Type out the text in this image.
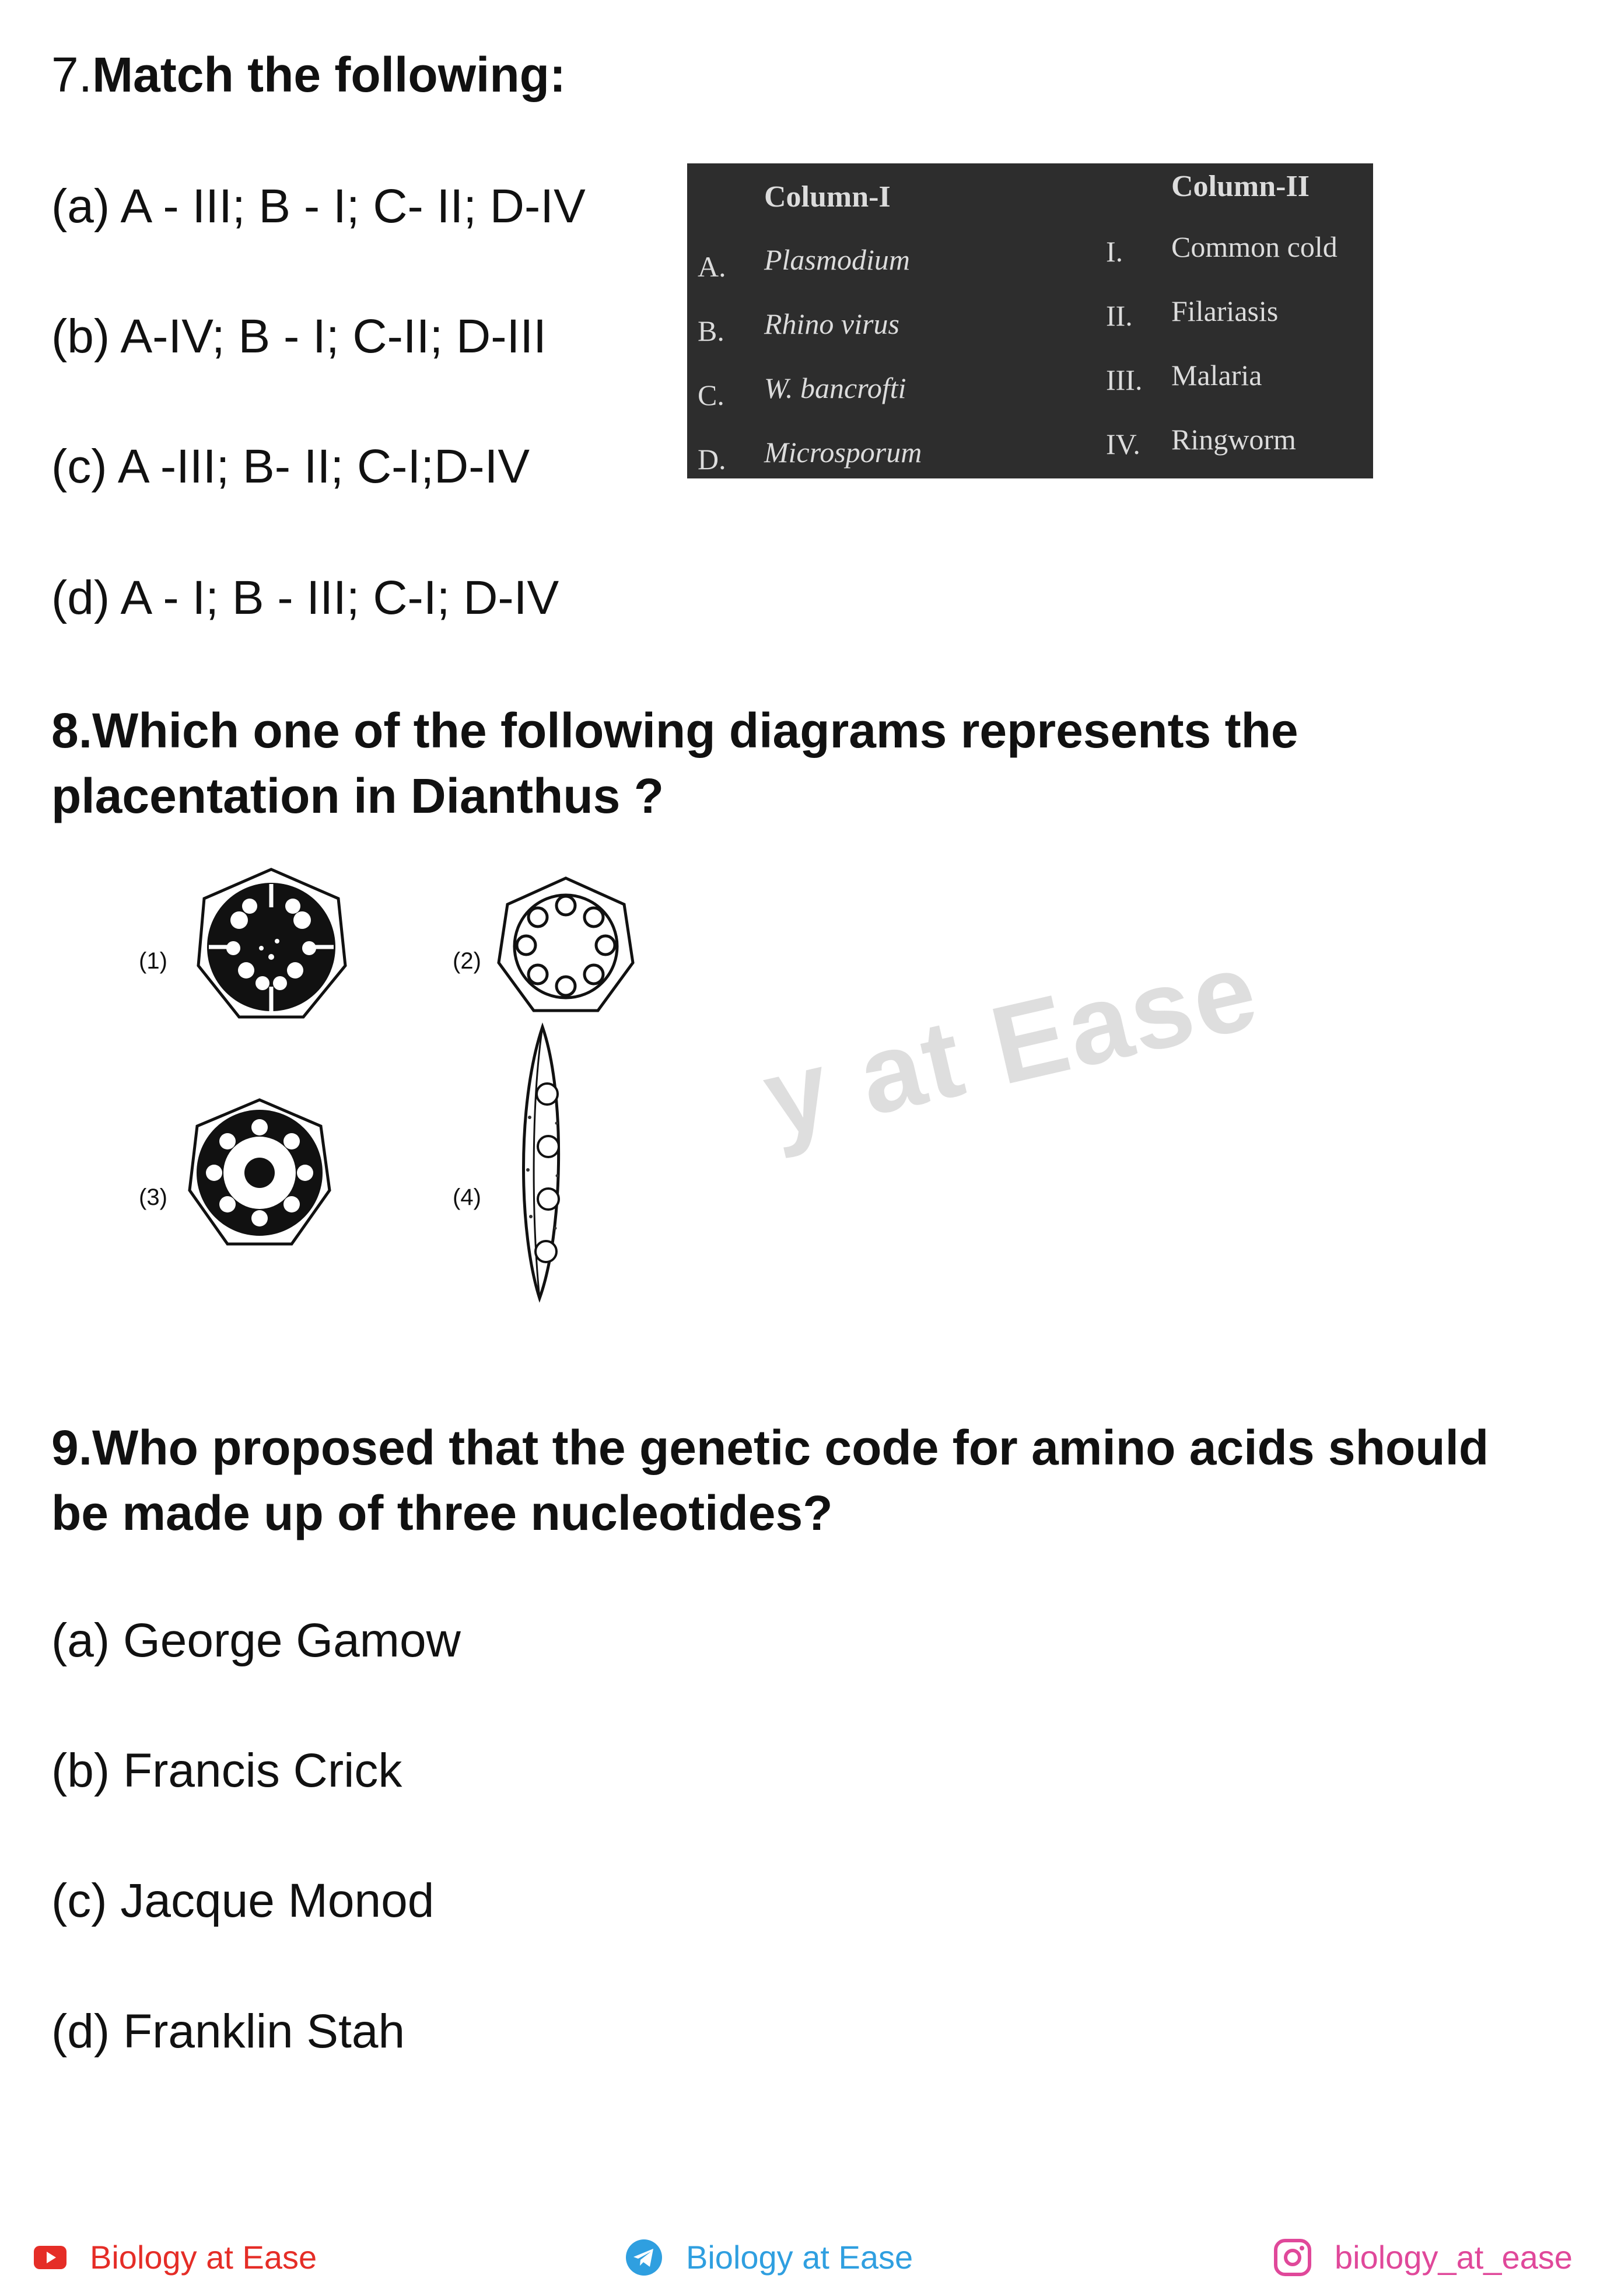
7.Match the following:
(a) A - III; B - I; C- II; D-IV
(b) A-IV; B - I; C-II; D-III
(c) A -III; B- II; C-I;D-IV
(d) A - I; B - III; C-I; D-IV
Column-I	Column-II
A. Plasmodium	I. Common cold
B. Rhino virus	II. Filariasis
C. W. bancrofti	III. Malaria
D. Microsporum	IV. Ringworm
8.Which one of the following diagrams represents the
placentation in Dianthus ?
y at Ease
(1)	(2)
(3)	(4)
9.Who proposed that the genetic code for amino acids should
be made up of three nucleotides?
(a) George Gamow
(b) Francis Crick
(c) Jacque Monod
(d) Franklin Stah
Biology at Ease	Biology at Ease	biology_at_ease
